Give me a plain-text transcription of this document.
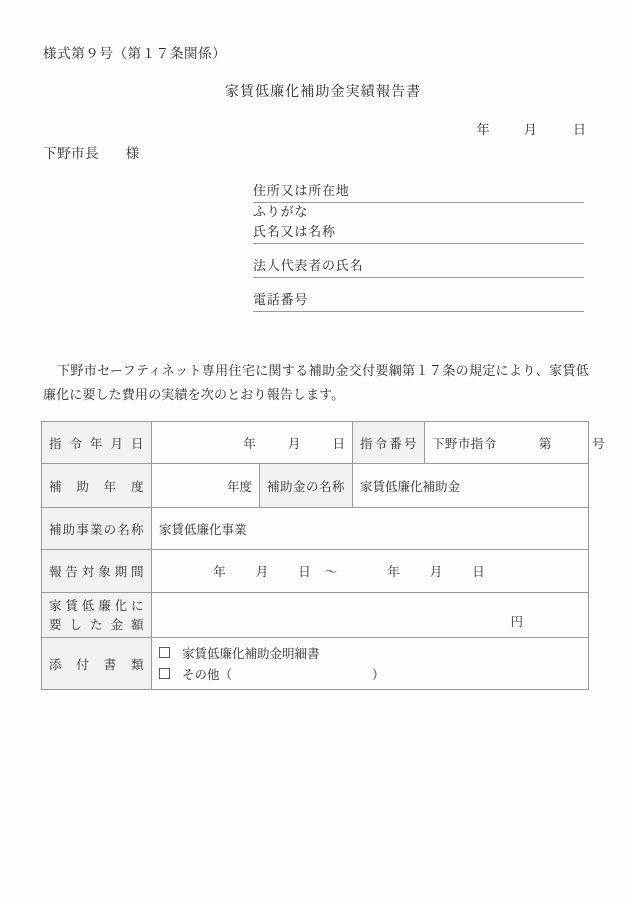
様式第９号（第１７条関係）
家賃低廉化補助金実績報告書
年	月	日
下野市長 様
住所又は所在地
ふりがな
氏名又は名称
法人代表者の氏名
電話番号

下野市セーフティネット専用住宅に関する補助金交付要綱第１７条の規定により、家賃低廉化に要した費用の実績を次のとおり報告します。

指令年月日	年 月 日		指令番号	下野市指令 第 号

補助年度	年度	補助金の名称	家賃低廉化補助金	

補助事業の名称	家賃低廉化事業			

報告対象期間	年 月 日 ～ 年 月 日			

家賃低廉化に
要した金額	円			

添付書類	家賃低廉化補助金明細書
その他（ ）			
